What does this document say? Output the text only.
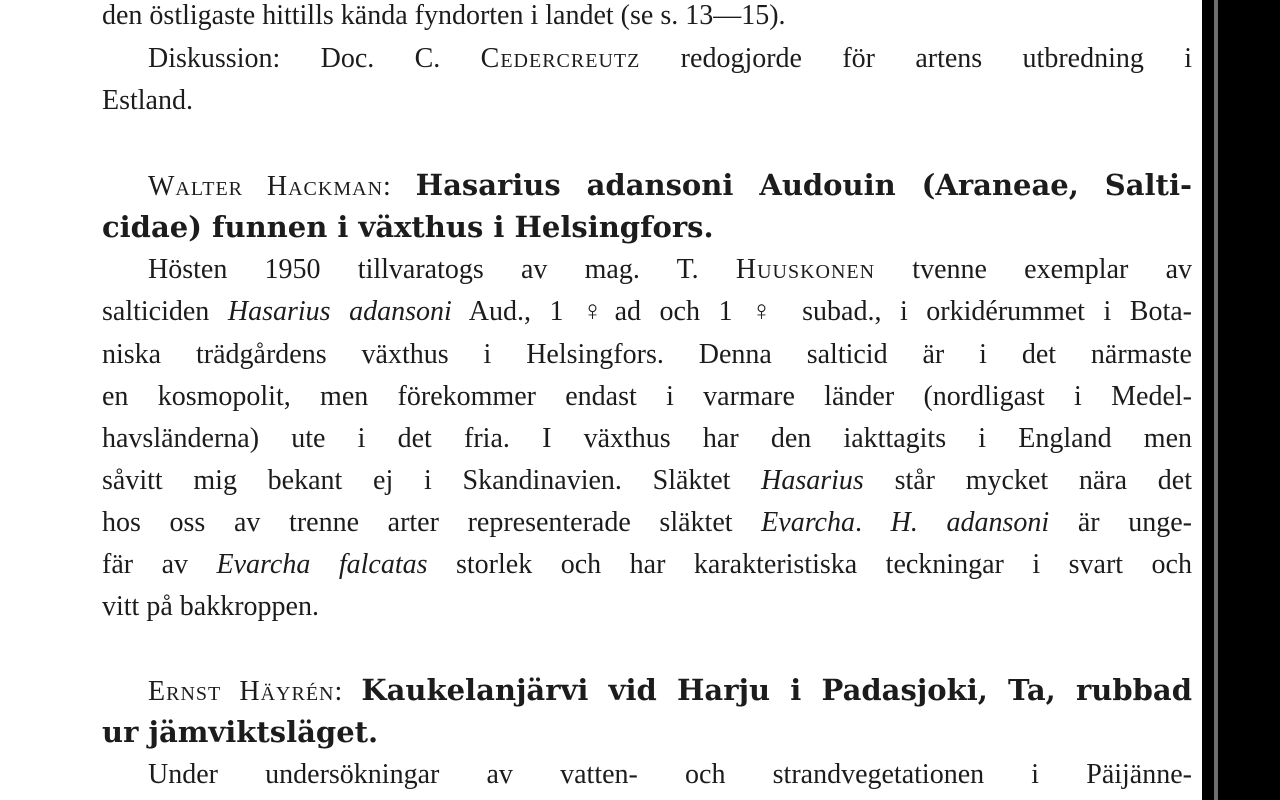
den östligaste hittills kända fyndorten i landet (se s. 13—15).
Diskussion: Doc. C. Cedercreutz redogjorde för artens utbredning i
Estland.
Walter Hackman: Hasarius adansoni Audouin (Araneae, Salti-
cidae) funnen i växthus i Helsingfors.
Hösten 1950 tillvaratogs av mag. T. Huuskonen tvenne exemplar av
salticiden Hasarius adansoni Aud., 1 ♀ad och 1 ♀ subad., i orkidérummet i Bota-
niska trädgårdens växthus i Helsingfors. Denna salticid är i det närmaste
en kosmopolit, men förekommer endast i varmare länder (nordligast i Medel-
havsländerna) ute i det fria. I växthus har den iakttagits i England men
såvitt mig bekant ej i Skandinavien. Släktet Hasarius står mycket nära det
hos oss av trenne arter representerade släktet Evarcha. H. adansoni är unge-
fär av Evarcha falcatas storlek och har karakteristiska teckningar i svart och
vitt på bakkroppen.
Ernst Häyrén: Kaukelanjärvi vid Harju i Padasjoki, Ta, rubbad
ur jämviktsläget.
Under undersökningar av vatten- och strandvegetationen i Päijänne-
